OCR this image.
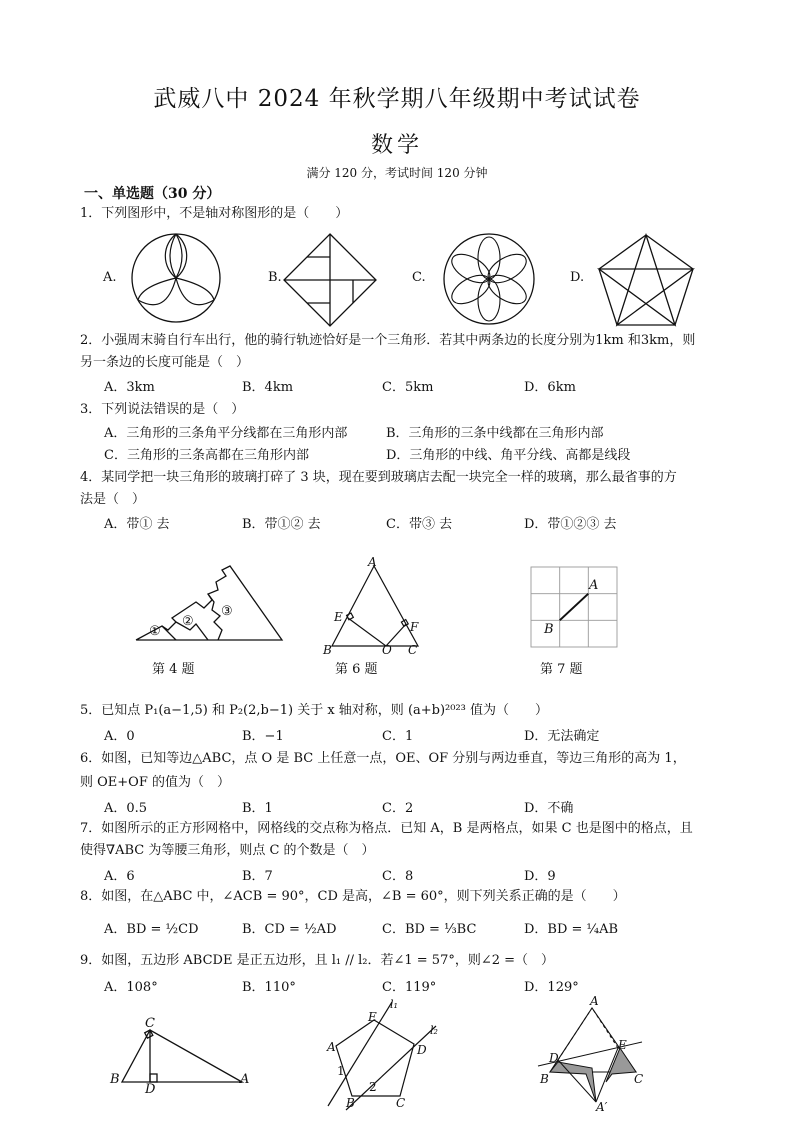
武威八中 2024 年秋学期八年级期中考试试卷
数学
满分 120 分，考试时间 120 分钟
一、单选题（30 分）
1．下列图形中，不是轴对称图形的是（　　）
A.	B.	C.	D.
2．小强周末骑自行车出行，他的骑行轨迹恰好是一个三角形．若其中两条边的长度分别为1km 和3km，则
另一条边的长度可能是（　）
A．3km	B．4km	C．5km	D．6km
3．下列说法错误的是（　）
A．三角形的三条角平分线都在三角形内部	B．三角形的三条中线都在三角形内部
C．三角形的三条高都在三角形内部	D．三角形的中线、角平分线、高都是线段
4．某同学把一块三角形的玻璃打碎了 3 块，现在要到玻璃店去配一块完全一样的玻璃，那么最省事的方
法是（　）
A．带① 去	B．带①② 去	C．带③ 去	D．带①②③ 去
①
②
③
第 4 题
A
E
F
B	O C
第 6 题
A
B
第 7 题
5．已知点 P₁(a−1,5) 和 P₂(2,b−1) 关于 x 轴对称，则 (a+b)²⁰²³ 值为（　　）
A．0	B．−1	C．1	D．无法确定
6．如图，已知等边△ABC，点 O 是 BC 上任意一点，OE、OF 分别与两边垂直，等边三角形的高为 1，
则 OE+OF 的值为（　）
A．0.5	B．1	C．2	D．不确
7．如图所示的正方形网格中，网格线的交点称为格点．已知 A，B 是两格点，如果 C 也是图中的格点，且
使得∇ABC 为等腰三角形，则点 C 的个数是（　）
A．6	B．7	C．8	D．9
8．如图，在△ABC 中，∠ACB = 90°，CD 是高，∠B = 60°，则下列关系正确的是（　　）
A．BD = ½CD	B．CD = ½AD	C．BD = ⅓BC	D．BD = ¼AB
9．如图，五边形 ABCDE 是正五边形，且 l₁ // l₂．若∠1 = 57°，则∠2 =（　）
A．108°	B．110°	C．119°	D．129°
C
B
D
A
E
l₁
l₂
A	D
1
2
B	C
A
D
E
B	C
A′
